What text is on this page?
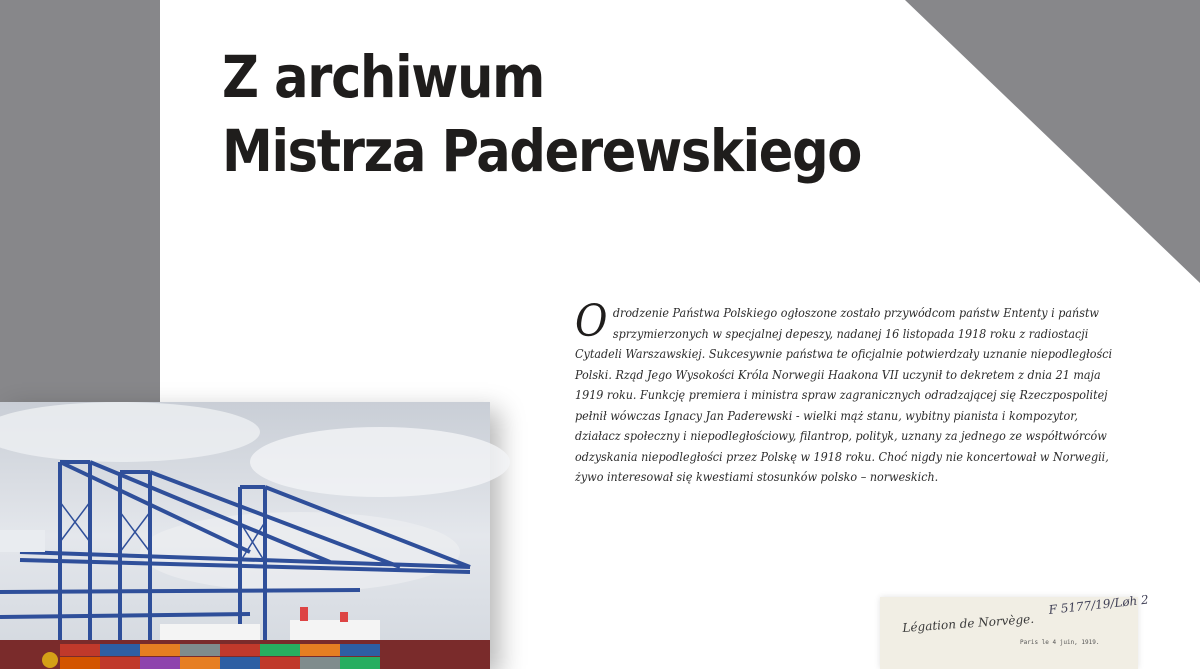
Z archiwum
Mistrza Paderewskiego
O drodzenie Państwa Polskiego ogłoszone zostało przywódcom państw Ententy i państw sprzymierzonych w specjalnej depeszy, nadanej 16 listopada 1918 roku z radiostacji Cytadeli Warszawskiej. Sukcesywnie państwa te oficjalnie potwierdzały uznanie niepodległości Polski. Rząd Jego Wysokości Króla Norwegii Haakona VII uczynił to dekretem z dnia 21 maja 1919 roku. Funkcję premiera i ministra spraw zagranicznych odradzającej się Rzeczpospolitej pełnił wówczas Ignacy Jan Paderewski - wielki mąż stanu, wybitny pianista i kompozytor, działacz społeczny i niepodległościowy, filantrop, polityk, uznany za jednego ze współtwórców odzyskania niepodległości przez Polskę w 1918 roku. Choć nigdy nie koncertował w Norwegii, żywo interesował się kwestiami stosunków polsko – norweskich.

Légation de Norvège.
Paris le 4 juin, 1919.
F 5177/19/Løh 2
